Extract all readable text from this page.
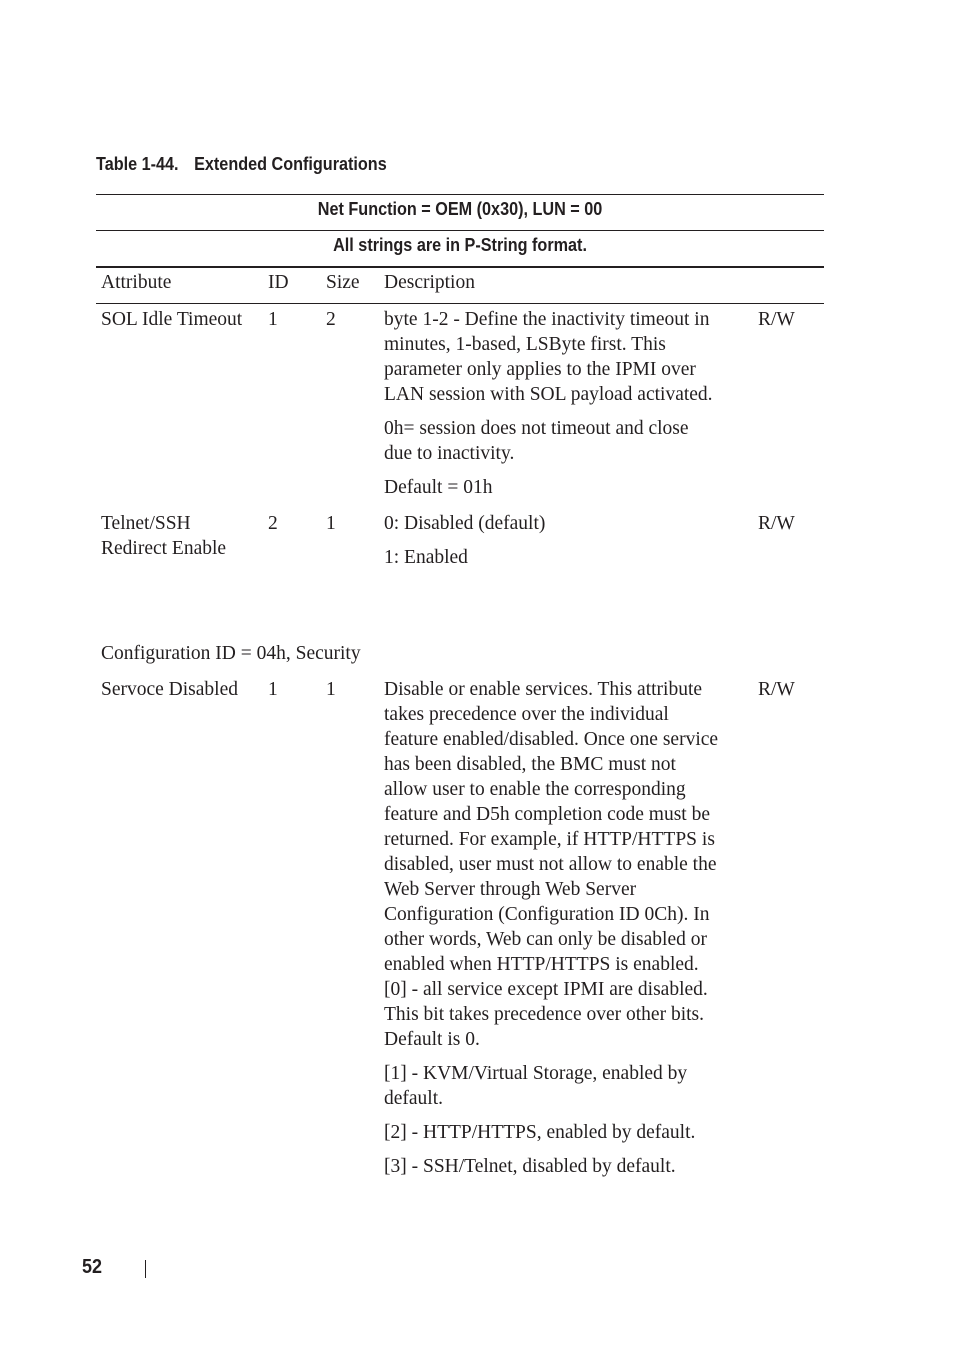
Table 1-44. Extended Configurations
Net Function = OEM (0x30), LUN = 00
All strings are in P-String format.
Attribute	ID Size Description
SOL Idle Timeout 1 2 byte 1-2 - Define the inactivity timeout in
minutes, 1-based, LSByte first. This
parameter only applies to the IPMI over
LAN session with SOL payload activated.

0h= session does not timeout and close
due to inactivity.

Default = 01h

R/W
Telnet/SSH
Redirect Enable
2 1 0: Disabled (default)

1: Enabled

R/W
Configuration ID = 04h, Security
Servoce Disabled 1 1 Disable or enable services. This attribute
takes precedence over the individual
feature enabled/disabled. Once one service
has been disabled, the BMC must not
allow user to enable the corresponding
feature and D5h completion code must be
returned. For example, if HTTP/HTTPS is
disabled, user must not allow to enable the
Web Server through Web Server
Configuration (Configuration ID 0Ch). In
other words, Web can only be disabled or
enabled when HTTP/HTTPS is enabled.
[0] - all service except IPMI are disabled.
This bit takes precedence over other bits.
Default is 0.

[1] - KVM/Virtual Storage, enabled by
default.

[2] - HTTP/HTTPS, enabled by default.

[3] - SSH/Telnet, disabled by default.

R/W
52
